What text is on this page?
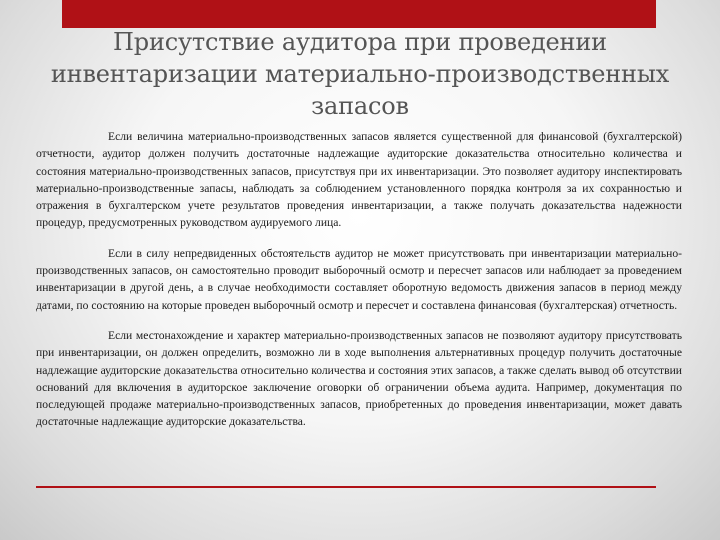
Присутствие аудитора при проведении инвентаризации материально-производственных запасов

Если величина материально-производственных запасов является существенной для финансовой (бухгалтерской) отчетности, аудитор должен получить достаточные надлежащие аудиторские доказательства относительно количества и состояния материально-производственных запасов, присутствуя при их инвентаризации. Это позволяет аудитору инспектировать материально-производственные запасы, наблюдать за соблюдением установленного порядка контроля за их сохранностью и отражения в бухгалтерском учете результатов проведения инвентаризации, а также получать доказательства надежности процедур, предусмотренных руководством аудируемого лица.

Если в силу непредвиденных обстоятельств аудитор не может присутствовать при инвентаризации материально-производственных запасов, он самостоятельно проводит выборочный осмотр и пересчет запасов или наблюдает за проведением инвентаризации в другой день, а в случае необходимости составляет оборотную ведомость движения запасов в период между датами, по состоянию на которые проведен выборочный осмотр и пересчет и составлена финансовая (бухгалтерская) отчетность.

Если местонахождение и характер материально-производственных запасов не позволяют аудитору присутствовать при инвентаризации, он должен определить, возможно ли в ходе выполнения альтернативных процедур получить достаточные надлежащие аудиторские доказательства относительно количества и состояния этих запасов, а также сделать вывод об отсутствии оснований для включения в аудиторское заключение оговорки об ограничении объема аудита. Например, документация по последующей продаже материально-производственных запасов, приобретенных до проведения инвентаризации, может давать достаточные надлежащие аудиторские доказательства.
